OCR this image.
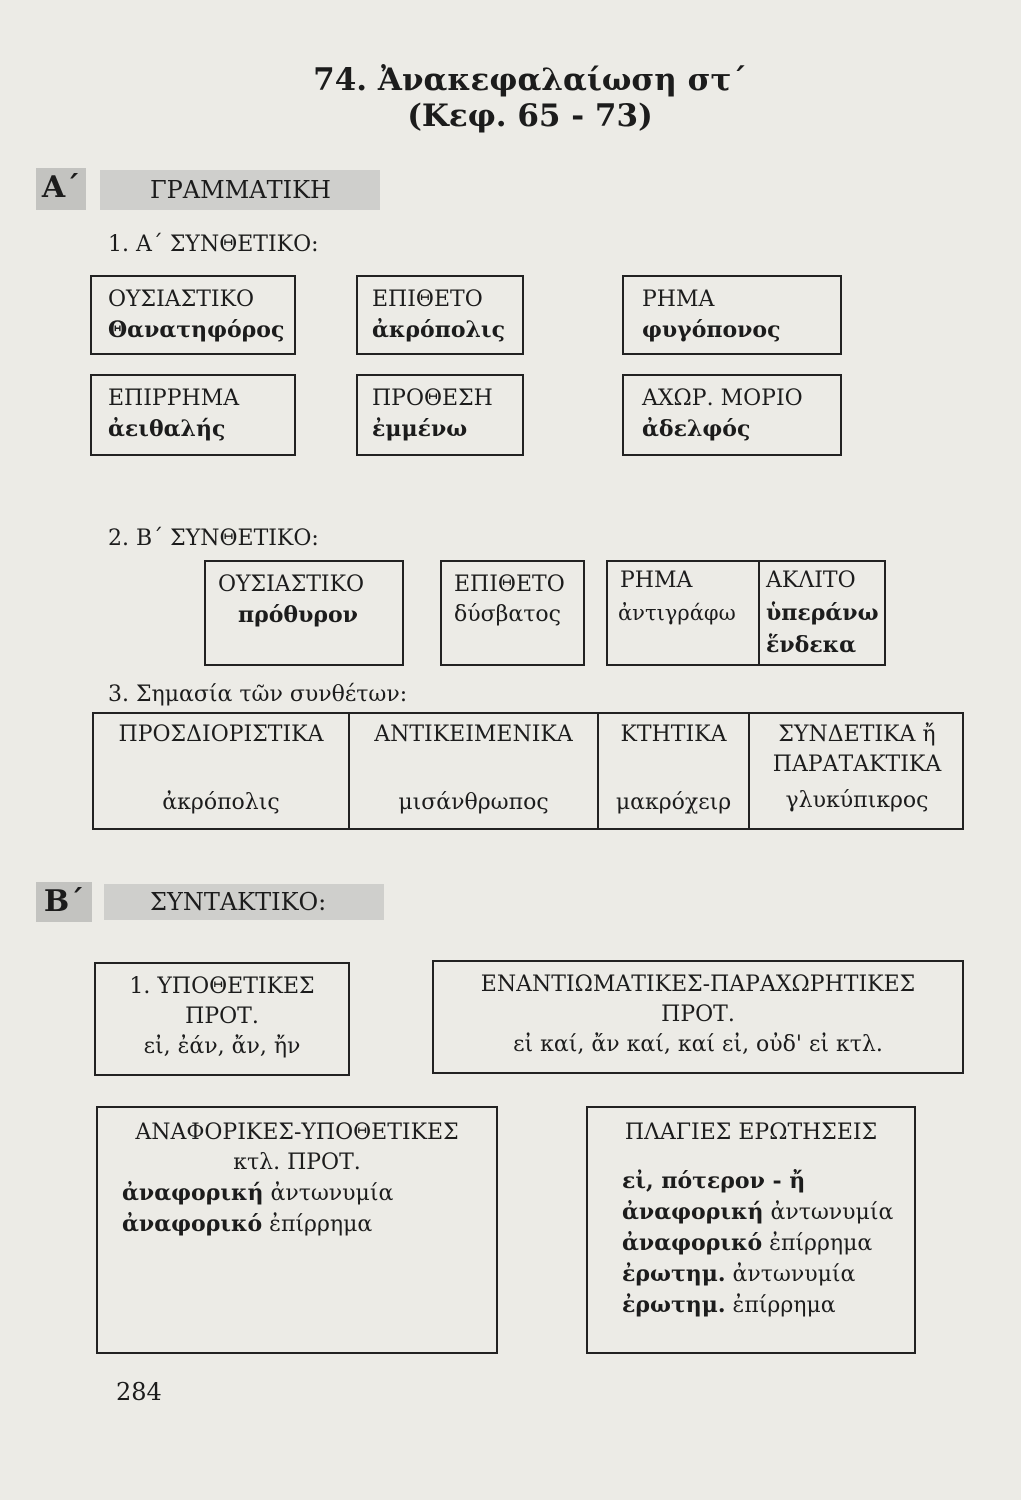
74. Ἀνακεφαλαίωση στ΄
(Κεφ. 65 - 73)
Α΄	ΓΡΑΜΜΑΤΙΚΗ
1. Α΄ ΣΥΝΘΕΤΙΚΟ:
ΟΥΣΙΑΣΤΙΚΟ
Θανατηφόρος
ΕΠΙΘΕΤΟ
ἀκρόπολις
ΡΗΜΑ
φυγόπονος
ΕΠΙΡΡΗΜΑ
ἀειθαλής
ΠΡΟΘΕΣΗ
ἐμμένω
ΑΧΩΡ. ΜΟΡΙΟ
ἀδελφός
2. Β΄ ΣΥΝΘΕΤΙΚΟ:
ΟΥΣΙΑΣΤΙΚΟ
πρόθυρον
ΕΠΙΘΕΤΟ
δύσβατος
ΡΗΜΑ
ἀντιγράφω
ΑΚΛΙΤΟ
ὑπεράνω
ἕνδεκα
3. Σημασία τῶν συνθέτων:
ΠΡΟΣΔΙΟΡΙΣΤΙΚΑ
ἀκρόπολις
ΑΝΤΙΚΕΙΜΕΝΙΚΑ
μισάνθρωπος
ΚΤΗΤΙΚΑ
μακρόχειρ
ΣΥΝΔΕΤΙΚΑ ἤ
ΠΑΡΑΤΑΚΤΙΚΑ
γλυκύπικρος
Β΄	ΣΥΝΤΑΚΤΙΚΟ:
1. ΥΠΟΘΕΤΙΚΕΣ
ΠΡΟΤ.
εἰ, ἐάν, ἄν, ἤν
ΕΝΑΝΤΙΩΜΑΤΙΚΕΣ-ΠΑΡΑΧΩΡΗΤΙΚΕΣ
ΠΡΟΤ.
εἰ καί, ἄν καί, καί εἰ, οὐδ' εἰ κτλ.
ΑΝΑΦΟΡΙΚΕΣ-ΥΠΟΘΕΤΙΚΕΣ
κτλ. ΠΡΟΤ.
ἀναφορική ἀντωνυμία
ἀναφορικό ἐπίρρημα
ΠΛΑΓΙΕΣ ΕΡΩΤΗΣΕΙΣ
εἰ, πότερον - ἤ
ἀναφορική ἀντωνυμία
ἀναφορικό ἐπίρρημα
ἐρωτημ. ἀντωνυμία
ἐρωτημ. ἐπίρρημα
284
